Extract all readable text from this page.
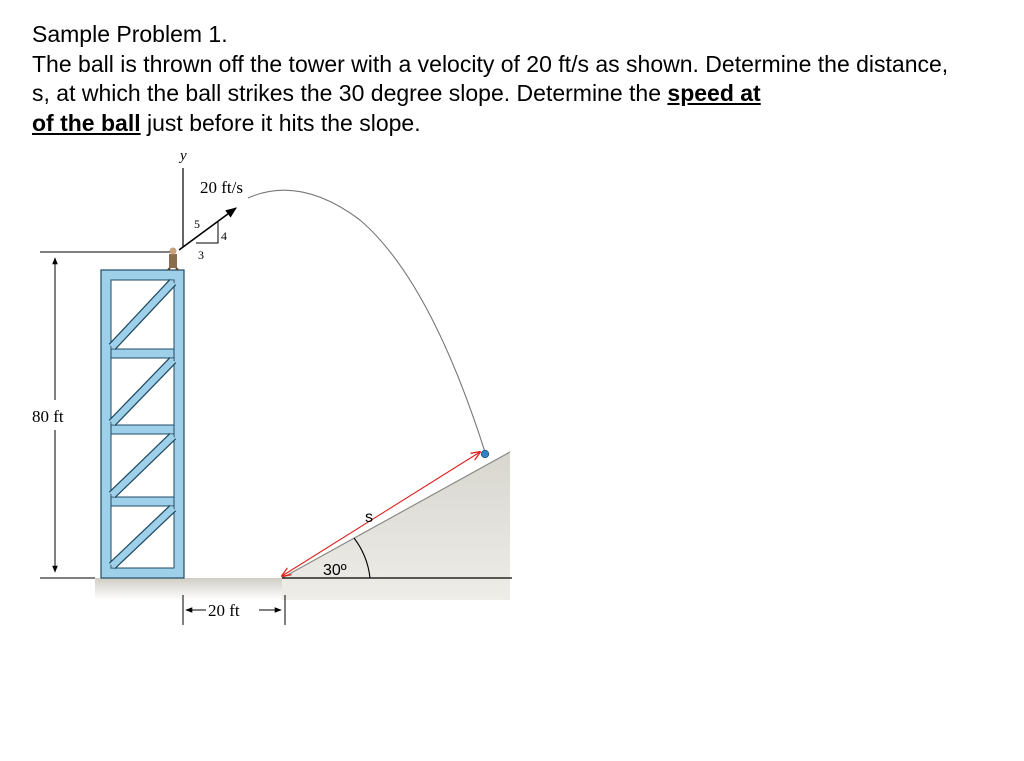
Sample Problem 1.

The ball is thrown off the tower with a velocity of 20 ft/s as shown. Determine the distance, s, at which the ball strikes the 30 degree slope. Determine the speed at
of the ball just before it hits the slope.

y
20 ft/s
5
4
3
80 ft
20 ft
s
30º
